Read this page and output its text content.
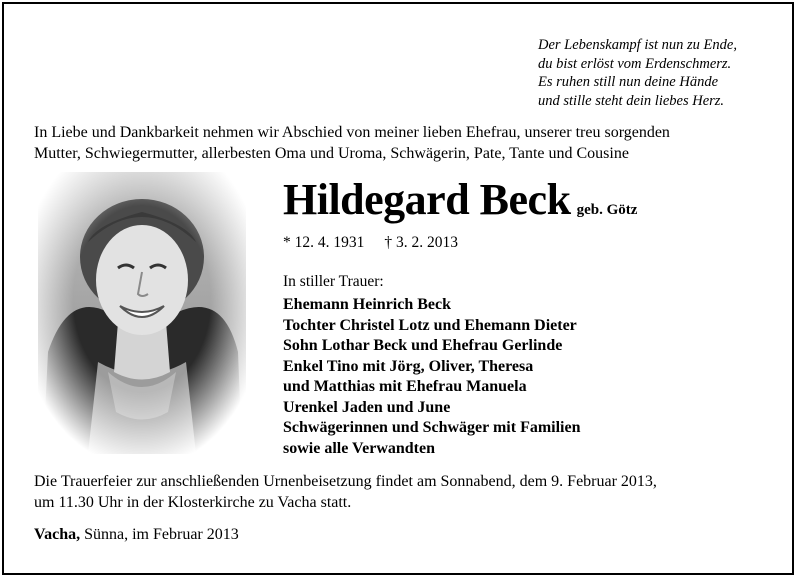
Der Lebenskampf ist nun zu Ende,
du bist erlöst vom Erdenschmerz.
Es ruhen still nun deine Hände
und stille steht dein liebes Herz.
In Liebe und Dankbarkeit nehmen wir Abschied von meiner lieben Ehefrau, unserer treu sorgenden
Mutter, Schwiegermutter, allerbesten Oma und Uroma, Schwägerin, Pate, Tante und Cousine
Hildegard Beck geb. Götz
* 12. 4. 1931 † 3. 2. 2013
In stiller Trauer:
Ehemann Heinrich Beck
Tochter Christel Lotz und Ehemann Dieter
Sohn Lothar Beck und Ehefrau Gerlinde
Enkel Tino mit Jörg, Oliver, Theresa
und Matthias mit Ehefrau Manuela
Urenkel Jaden und June
Schwägerinnen und Schwäger mit Familien
sowie alle Verwandten
Die Trauerfeier zur anschließenden Urnenbeisetzung findet am Sonnabend, dem 9. Februar 2013,
um 11.30 Uhr in der Klosterkirche zu Vacha statt.
Vacha, Sünna, im Februar 2013
